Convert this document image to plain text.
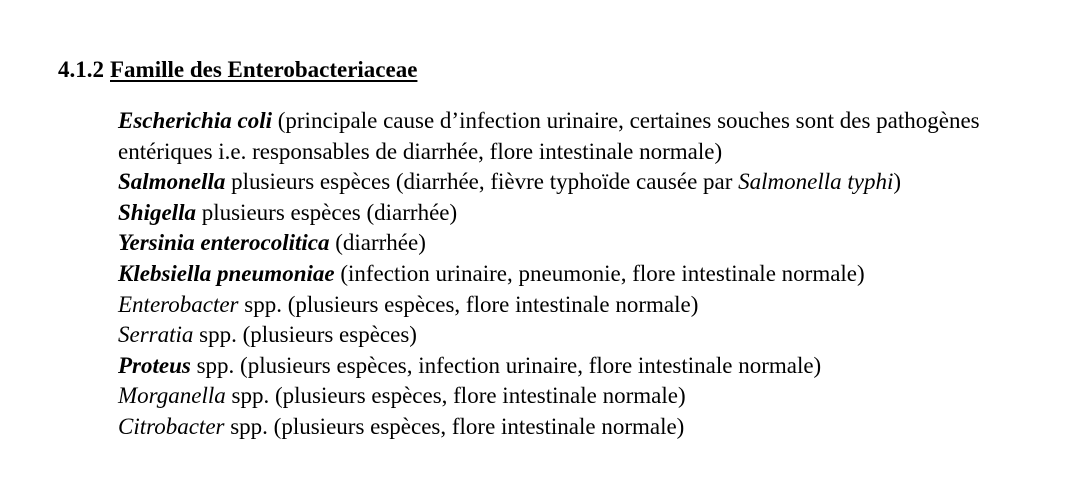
4.1.2 Famille des Enterobacteriaceae

Escherichia coli (principale cause d’infection urinaire, certaines souches sont des pathogènes entériques i.e. responsables de diarrhée, flore intestinale normale)

Salmonella plusieurs espèces (diarrhée, fièvre typhoïde causée par Salmonella typhi)

Shigella plusieurs espèces (diarrhée)

Yersinia enterocolitica (diarrhée)

Klebsiella pneumoniae (infection urinaire, pneumonie, flore intestinale normale)

Enterobacter spp. (plusieurs espèces, flore intestinale normale)

Serratia spp. (plusieurs espèces)

Proteus spp. (plusieurs espèces, infection urinaire, flore intestinale normale)

Morganella spp. (plusieurs espèces, flore intestinale normale)

Citrobacter spp. (plusieurs espèces, flore intestinale normale)
